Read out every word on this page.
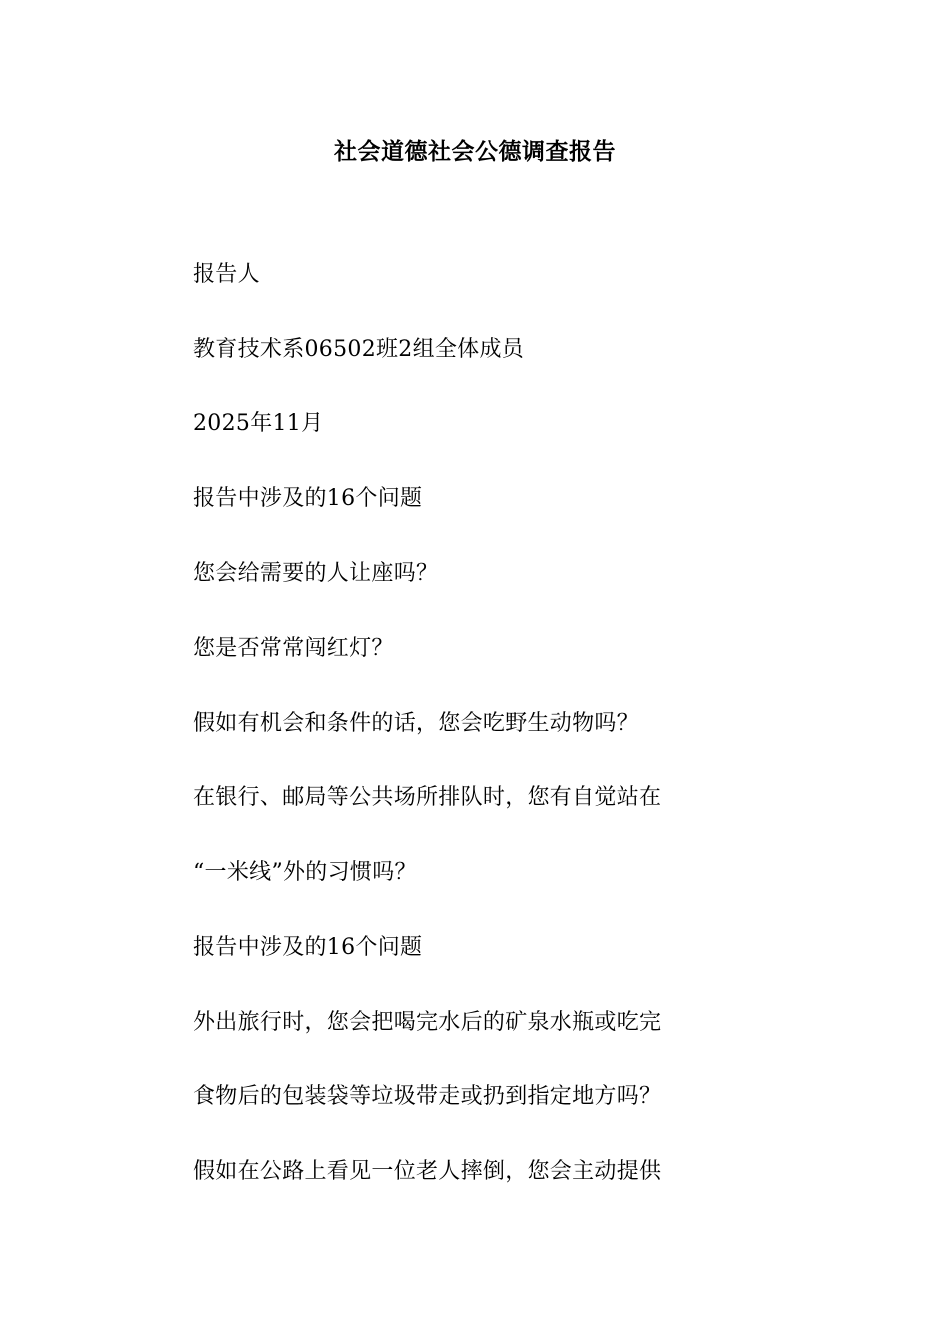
社会道德社会公德调查报告
报告人
教育技术系06502班2组全体成员
2025年11月
报告中涉及的16个问题
您会给需要的人让座吗？
您是否常常闯红灯？
假如有机会和条件的话，您会吃野生动物吗？
在银行、邮局等公共场所排队时，您有自觉站在
“一米线”外的习惯吗？
报告中涉及的16个问题
外出旅行时，您会把喝完水后的矿泉水瓶或吃完
食物后的包装袋等垃圾带走或扔到指定地方吗？
假如在公路上看见一位老人摔倒，您会主动提供
